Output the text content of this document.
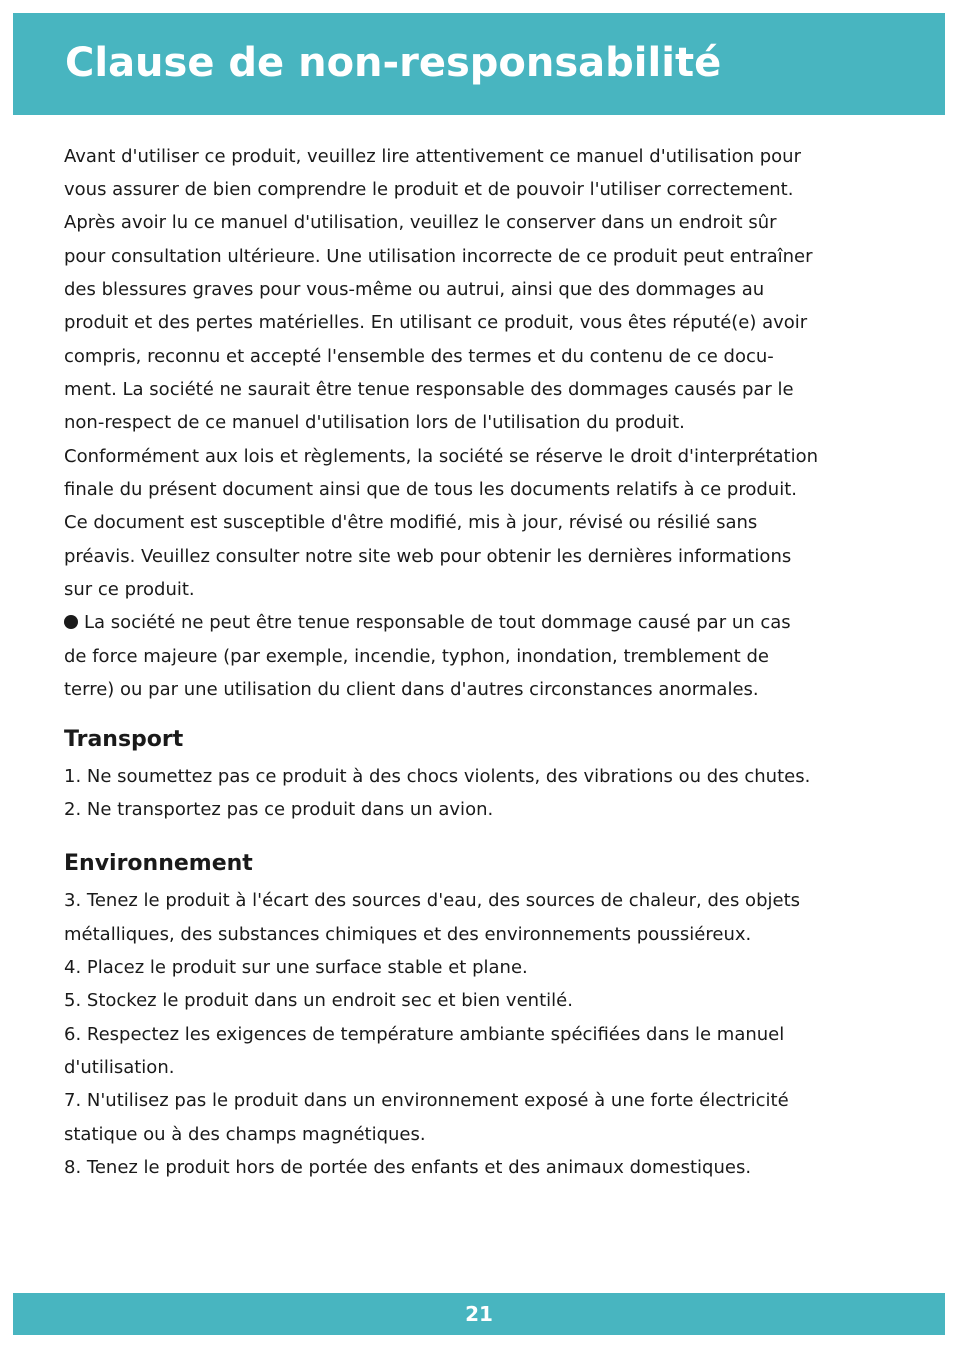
Clause de non-responsabilité
Avant d'utiliser ce produit, veuillez lire attentivement ce manuel d'utilisation pour
vous assurer de bien comprendre le produit et de pouvoir l'utiliser correctement.
Après avoir lu ce manuel d'utilisation, veuillez le conserver dans un endroit sûr
pour consultation ultérieure. Une utilisation incorrecte de ce produit peut entraîner
des blessures graves pour vous-même ou autrui, ainsi que des dommages au
produit et des pertes matérielles. En utilisant ce produit, vous êtes réputé(e) avoir
compris, reconnu et accepté l'ensemble des termes et du contenu de ce docu-
ment. La société ne saurait être tenue responsable des dommages causés par le
non-respect de ce manuel d'utilisation lors de l'utilisation du produit.
Conformément aux lois et règlements, la société se réserve le droit d'interprétation
finale du présent document ainsi que de tous les documents relatifs à ce produit.
Ce document est susceptible d'être modifié, mis à jour, révisé ou résilié sans
préavis. Veuillez consulter notre site web pour obtenir les dernières informations
sur ce produit.
La société ne peut être tenue responsable de tout dommage causé par un cas
de force majeure (par exemple, incendie, typhon, inondation, tremblement de
terre) ou par une utilisation du client dans d'autres circonstances anormales.
Transport
1. Ne soumettez pas ce produit à des chocs violents, des vibrations ou des chutes.
2. Ne transportez pas ce produit dans un avion.
Environnement
3. Tenez le produit à l'écart des sources d'eau, des sources de chaleur, des objets
métalliques, des substances chimiques et des environnements poussiéreux.
4. Placez le produit sur une surface stable et plane.
5. Stockez le produit dans un endroit sec et bien ventilé.
6. Respectez les exigences de température ambiante spécifiées dans le manuel
d'utilisation.
7. N'utilisez pas le produit dans un environnement exposé à une forte électricité
statique ou à des champs magnétiques.
8. Tenez le produit hors de portée des enfants et des animaux domestiques.
21
